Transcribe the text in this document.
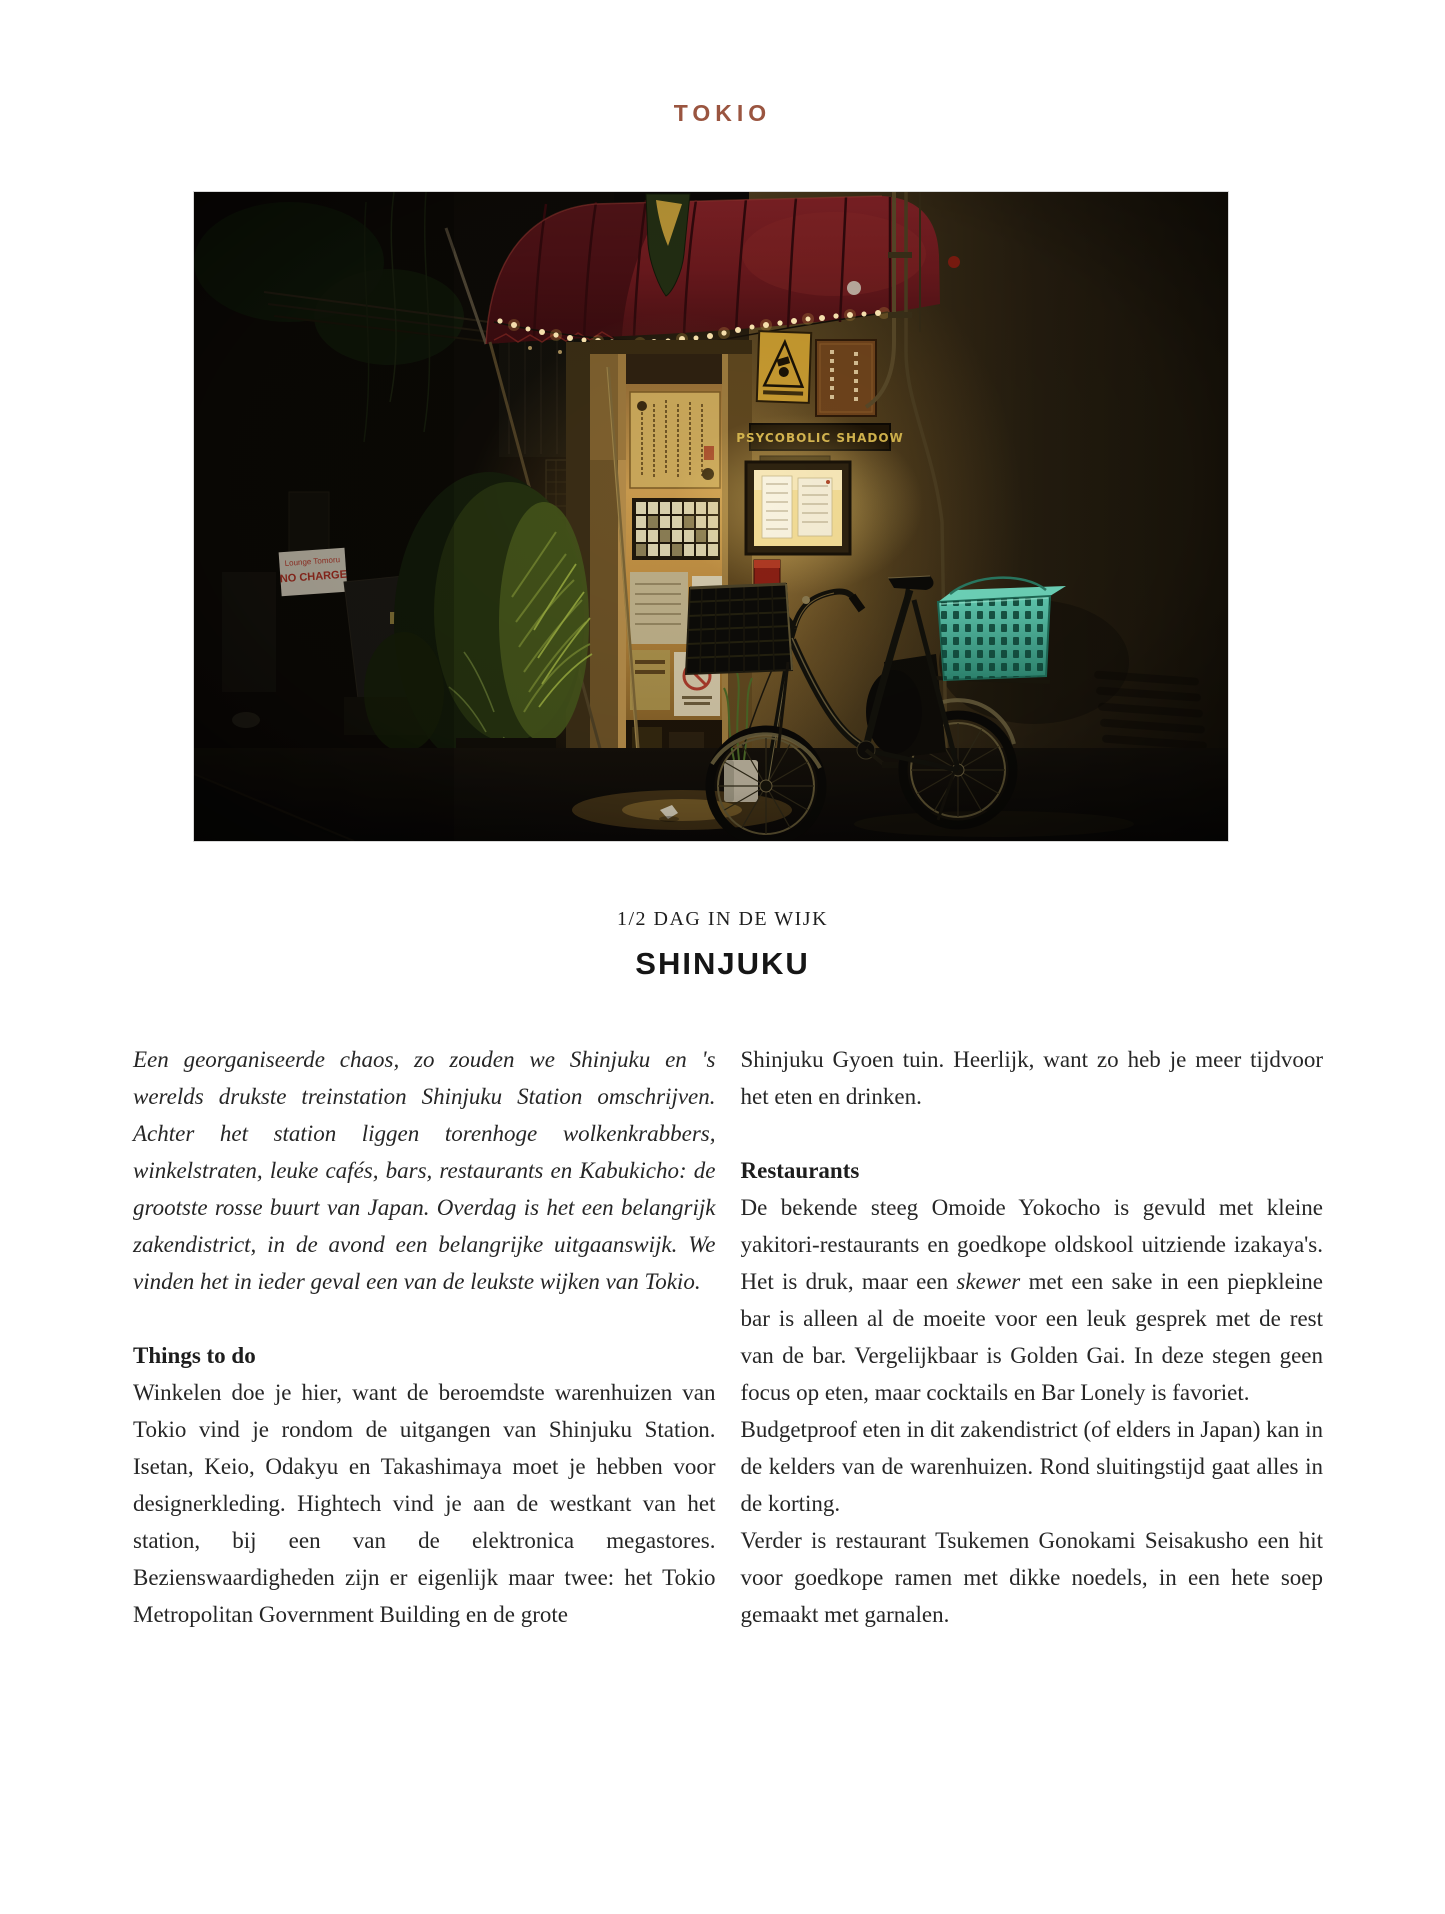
TOKIO
1/2 DAG IN DE WIJK
SHINJUKU

Een georganiseerde chaos, zo zouden we Shinjuku en 's werelds drukste treinstation Shinjuku Station omschrijven. Achter het station liggen torenhoge wolkenkrabbers, winkelstraten, leuke cafés, bars, restaurants en Kabukicho: de grootste rosse buurt van Japan. Overdag is het een belangrijk zakendistrict, in de avond een belangrijke uitgaanswijk. We vinden het in ieder geval een van de leukste wijken van Tokio.

Things to do

Winkelen doe je hier, want de beroemdste warenhuizen van Tokio vind je rondom de uitgangen van Shinjuku Station. Isetan, Keio, Odakyu en Takashimaya moet je hebben voor designerkleding. Hightech vind je aan de westkant van het station, bij een van de elektronica megastores. Bezienswaardigheden zijn er eigenlijk maar twee: het Tokio Metropolitan Government Building en de grote

Shinjuku Gyoen tuin. Heerlijk, want zo heb je meer tijdvoor het eten en drinken.

Restaurants

De bekende steeg Omoide Yokocho is gevuld met kleine yakitori-restaurants en goedkope oldskool uitziende izakaya's. Het is druk, maar een skewer met een sake in een piepkleine bar is alleen al de moeite voor een leuk gesprek met de rest van de bar. Vergelijkbaar is Golden Gai. In deze stegen geen focus op eten, maar cocktails en Bar Lonely is favoriet.

Budgetproof eten in dit zakendistrict (of elders in Japan) kan in de kelders van de warenhuizen. Rond sluitingstijd gaat alles in de korting.

Verder is restaurant Tsukemen Gonokami Seisakusho een hit voor goedkope ramen met dikke noedels, in een hete soep gemaakt met garnalen.
